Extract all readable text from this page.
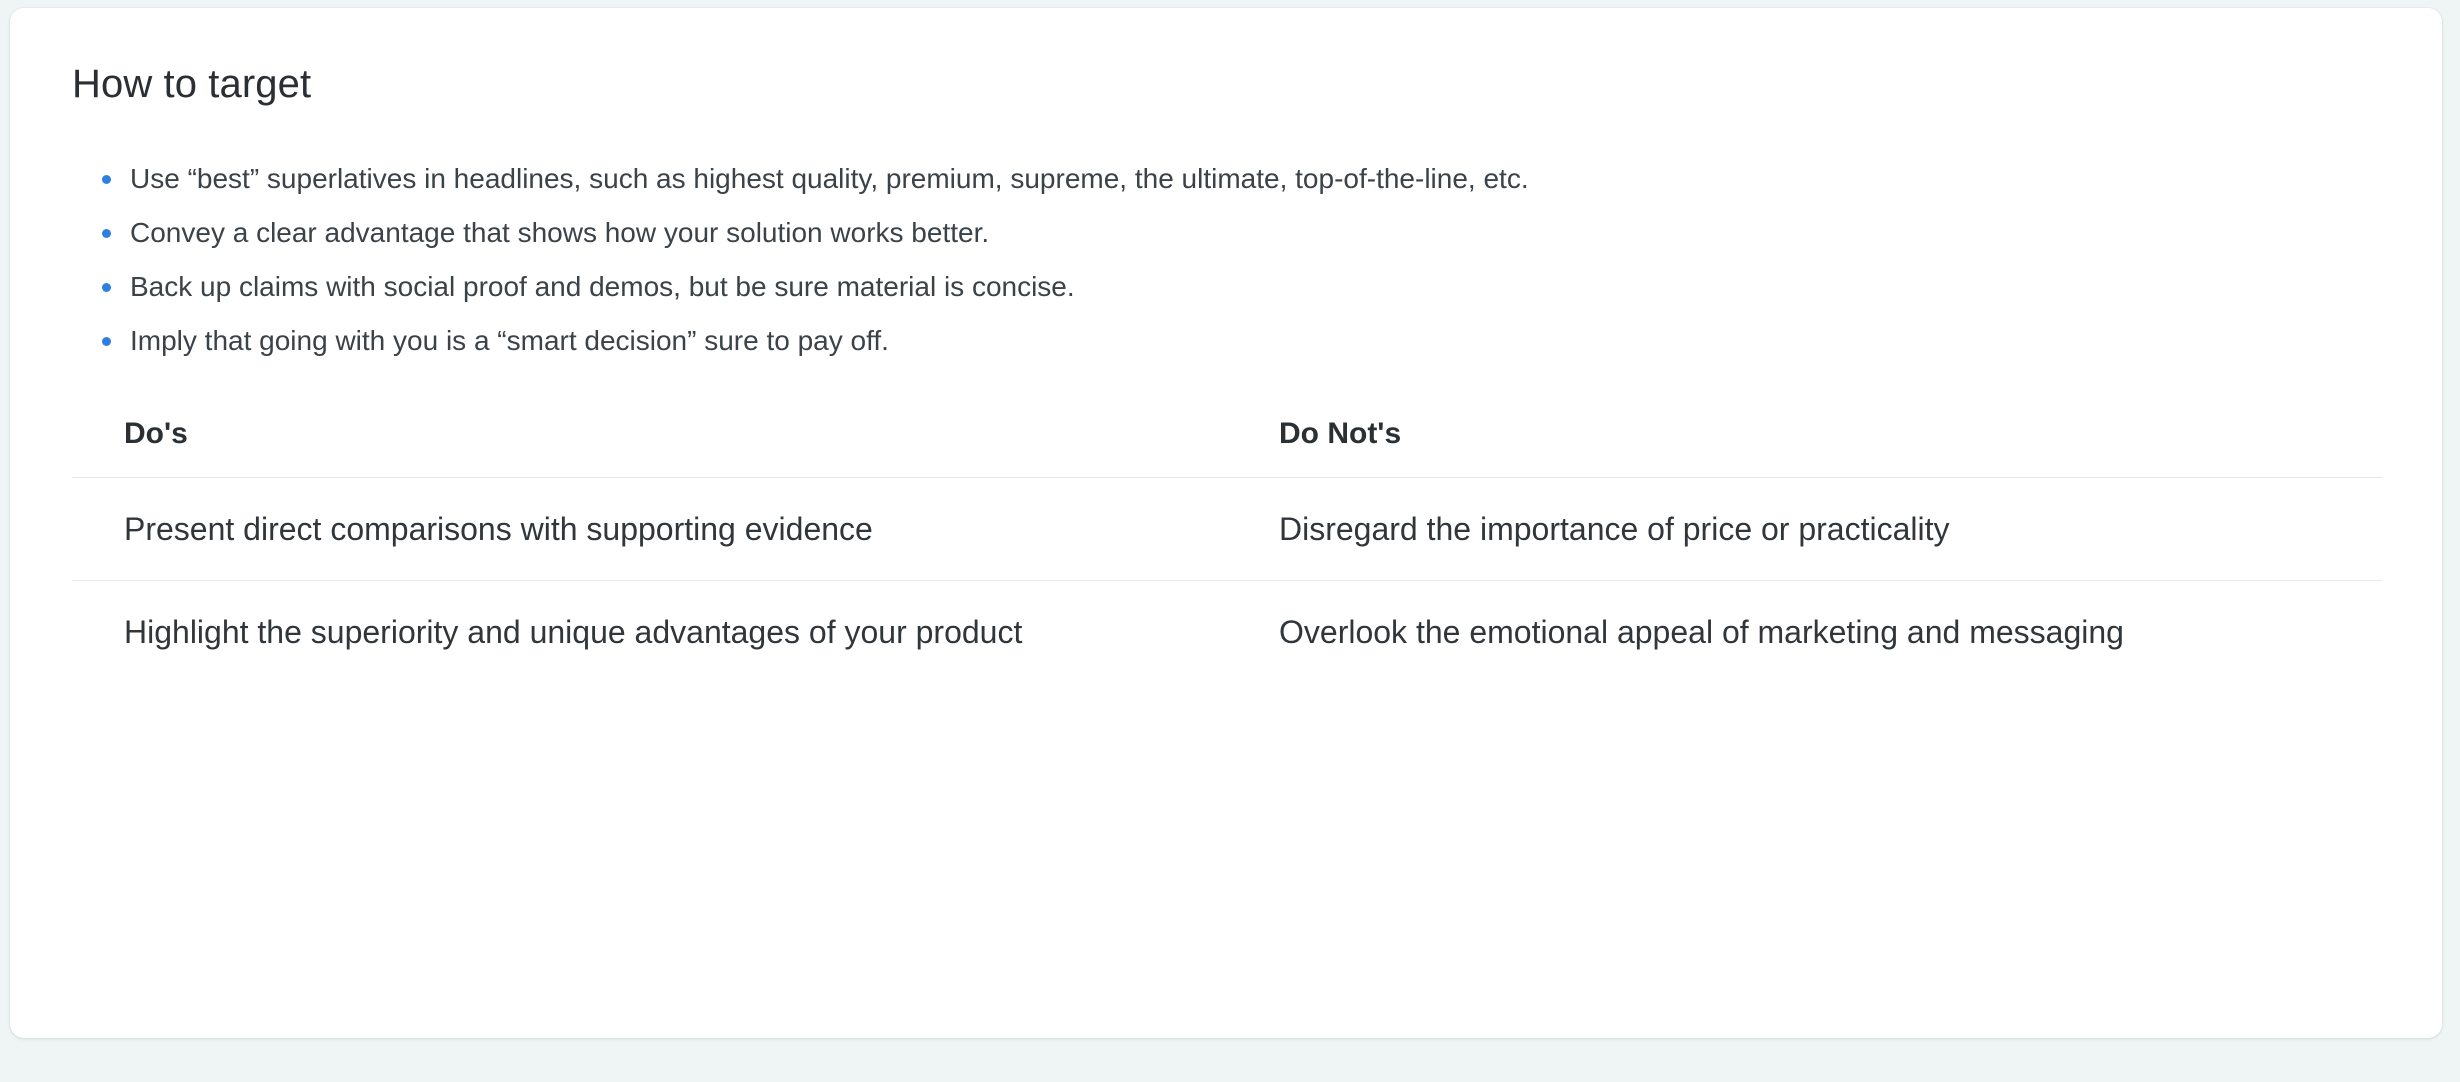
How to target
Use “best” superlatives in headlines, such as highest quality, premium, supreme, the ultimate, top-of-the-line, etc.
Convey a clear advantage that shows how your solution works better.
Back up claims with social proof and demos, but be sure material is concise.
Imply that going with you is a “smart decision” sure to pay off.
Do's	Do Not's
Present direct comparisons with supporting evidence	Disregard the importance of price or practicality
Highlight the superiority and unique advantages of your product	Overlook the emotional appeal of marketing and messaging
